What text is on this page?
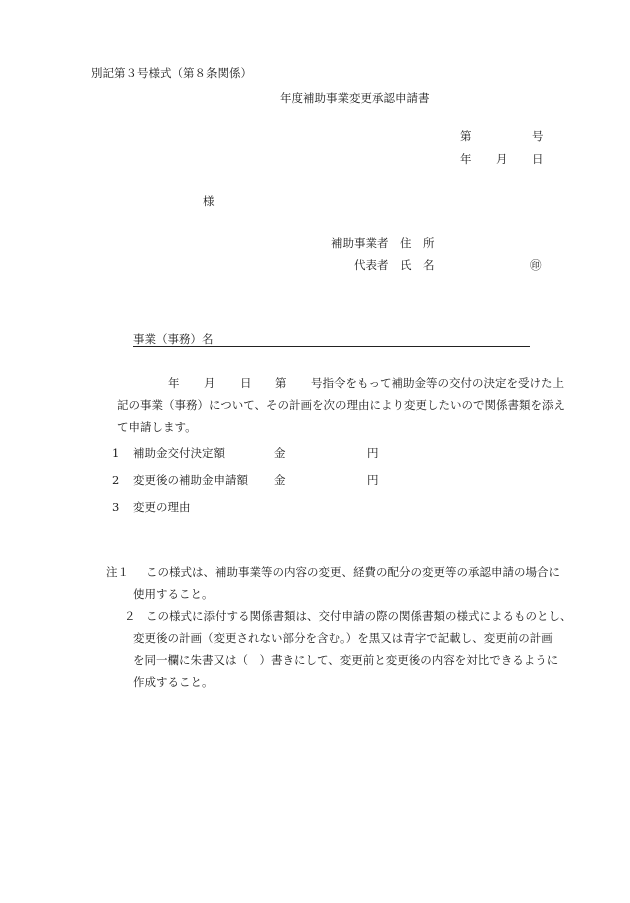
別記第３号様式（第８条関係）
年度補助事業変更承認申請書
第	号
年 月 日
様
補助事業者 住　所
代表者 氏　名	㊞
事業（事務）名
年 月 日 第 号指令をもって補助金等の交付の決定を受けた上
記の事業（事務）について、その計画を次の理由により変更したいので関係書類を添え
て申請します。
1 補助金交付決定額	金	円
2 変更後の補助金申請額 金	円
3 変更の理由
注１ この様式は、補助事業等の内容の変更、経費の配分の変更等の承認申請の場合に
使用すること。
２ この様式に添付する関係書類は、交付申請の際の関係書類の様式によるものとし、
変更後の計画（変更されない部分を含む。）を黒又は青字で記載し、変更前の計画
を同一欄に朱書又は（　）書きにして、変更前と変更後の内容を対比できるように
作成すること。
